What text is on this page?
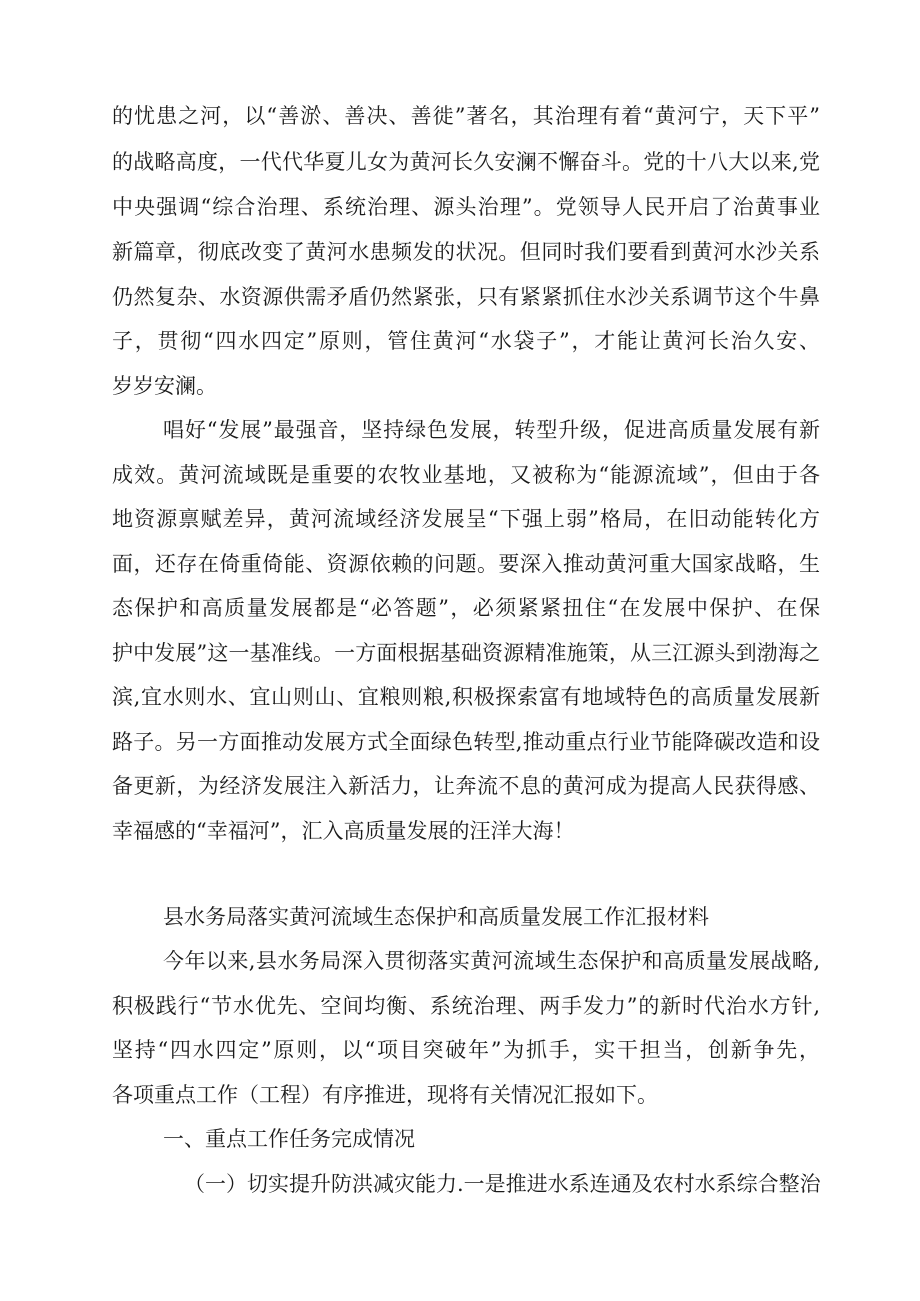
的忧患之河，以“善淤、善决、善徙”著名，其治理有着“黄河宁，天下平”
的战略高度，一代代华夏儿女为黄河长久安澜不懈奋斗。党的十八大以来,党
中央强调“综合治理、系统治理、源头治理”。党领导人民开启了治黄事业
新篇章，彻底改变了黄河水患频发的状况。但同时我们要看到黄河水沙关系
仍然复杂、水资源供需矛盾仍然紧张，只有紧紧抓住水沙关系调节这个牛鼻
子，贯彻“四水四定”原则，管住黄河“水袋子”，才能让黄河长治久安、
岁岁安澜。
唱好“发展”最强音，坚持绿色发展，转型升级，促进高质量发展有新
成效。黄河流域既是重要的农牧业基地，又被称为“能源流域”，但由于各
地资源禀赋差异，黄河流域经济发展呈“下强上弱”格局，在旧动能转化方
面，还存在倚重倚能、资源依赖的问题。要深入推动黄河重大国家战略，生
态保护和高质量发展都是“必答题”，必须紧紧扭住“在发展中保护、在保
护中发展”这一基准线。一方面根据基础资源精准施策，从三江源头到渤海之
滨,宜水则水、宜山则山、宜粮则粮,积极探索富有地域特色的高质量发展新
路子。另一方面推动发展方式全面绿色转型,推动重点行业节能降碳改造和设
备更新，为经济发展注入新活力，让奔流不息的黄河成为提高人民获得感、
幸福感的“幸福河”，汇入高质量发展的汪洋大海！
县水务局落实黄河流域生态保护和高质量发展工作汇报材料
今年以来,县水务局深入贯彻落实黄河流域生态保护和高质量发展战略,
积极践行“节水优先、空间均衡、系统治理、两手发力”的新时代治水方针,
坚持“四水四定”原则，以“项目突破年”为抓手，实干担当，创新争先，
各项重点工作（工程）有序推进，现将有关情况汇报如下。
一、重点工作任务完成情况
（一）切实提升防洪减灾能力.一是推进水系连通及农村水系综合整治
